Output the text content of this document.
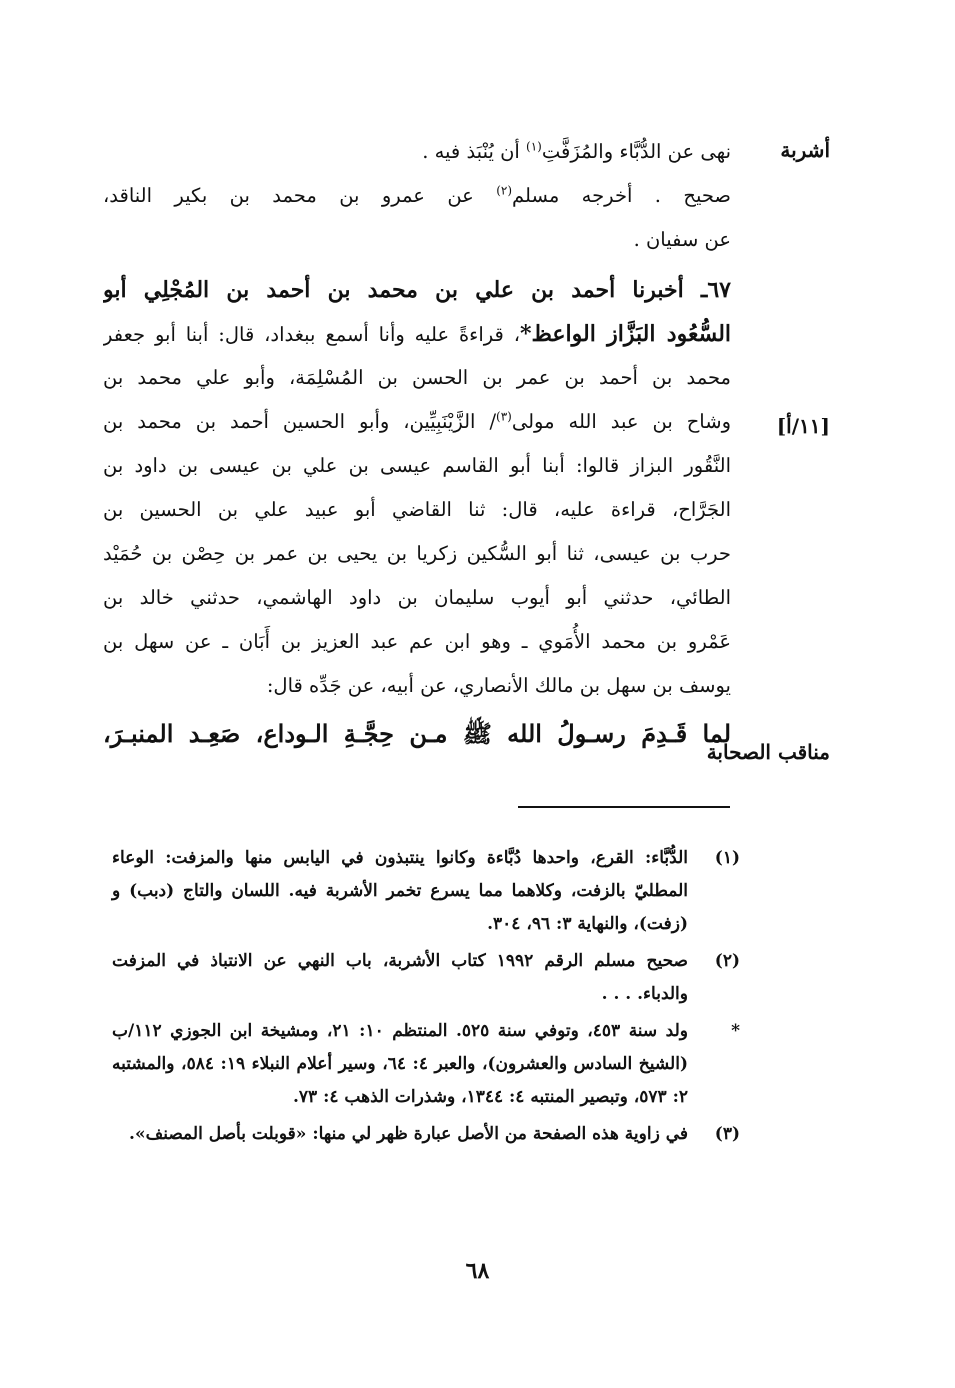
أشربة
[١١/أ]
مناقب الصحابة
نهى عن الدُّبَّاء والمُزَفَّتِ$^{(١)}$ أن يُنْبَذ فيه .
صحيح . أخرجه مسلم$^{(٢)}$ عن عمرو بن محمد بن بكير الناقد،
عن سفيان .
٦٧ـ أخبرنا أحمد بن علي بن محمد بن أحمد بن المُجْلِي أبو
السُّعُود البَزَّاز الواعظ*، قراءةً عليه وأنا أسمع ببغداد، قال: أبنا أبو جعفر
محمد بن أحمد بن عمر بن الحسن بن المُسْلِمَة، وأبو علي محمد بن
وشاح بن عبد الله مولى$^{(٣)}$/ الزَّيْنَبِيِّين، وأبو الحسين أحمد بن محمد بن
النَّقُور البزاز قالوا: أبنا أبو القاسم عيسى بن علي بن عيسى بن داود بن
الجَرَّاح، قراءة عليه، قال: ثنا القاضي أبو عبيد علي بن الحسين بن
حرب بن عيسى، ثنا أبو السُّكين زكريا بن يحيى بن عمر بن حِصْن بن حُمَيْد
الطائي، حدثني أبو أيوب سليمان بن داود الهاشمي، حدثني خالد بن
عَمْرو بن محمد الأُمَوي ـ وهو ابن عم عبد العزيز بن أَبَان ـ عن سهل بن
يوسف بن سهل بن مالك الأنصاري، عن أبيه، عن جَدِّه قال:
لما قَـدِمَ رسـولُ الله ﷺ مـن حِجَّـةِ الـوداع، صَعِـد المنبـرَ،
(١)
الدُّبَّاء: القرع، واحدها دُبَّاءة وكانوا ينتبذون في اليابس منها والمزفت: الوعاء المطليّ بالزفت، وكلاهما مما يسرع تخمر الأشربة فيه. اللسان والتاج (دبب) و (زفت)، والنهاية ٣: ٩٦، ٣٠٤.
(٢)
صحيح مسلم الرقم ١٩٩٢ كتاب الأشربة، باب النهي عن الانتباذ في المزفت والدباء. . . .
*
ولد سنة ٤٥٣، وتوفي سنة ٥٢٥. المنتظم ١٠: ٢١، ومشيخة ابن الجوزي ١١٢/ب (الشيخ السادس والعشرون)، والعبر ٤: ٦٤، وسير أعلام النبلاء ١٩: ٥٨٤، والمشتبه ٢: ٥٧٣، وتبصير المنتبه ٤: ١٣٤٤، وشذرات الذهب ٤: ٧٣.
(٣)
في زاوية هذه الصفحة من الأصل عبارة ظهر لي منها: «قوبلت بأصل المصنف».
٦٨
